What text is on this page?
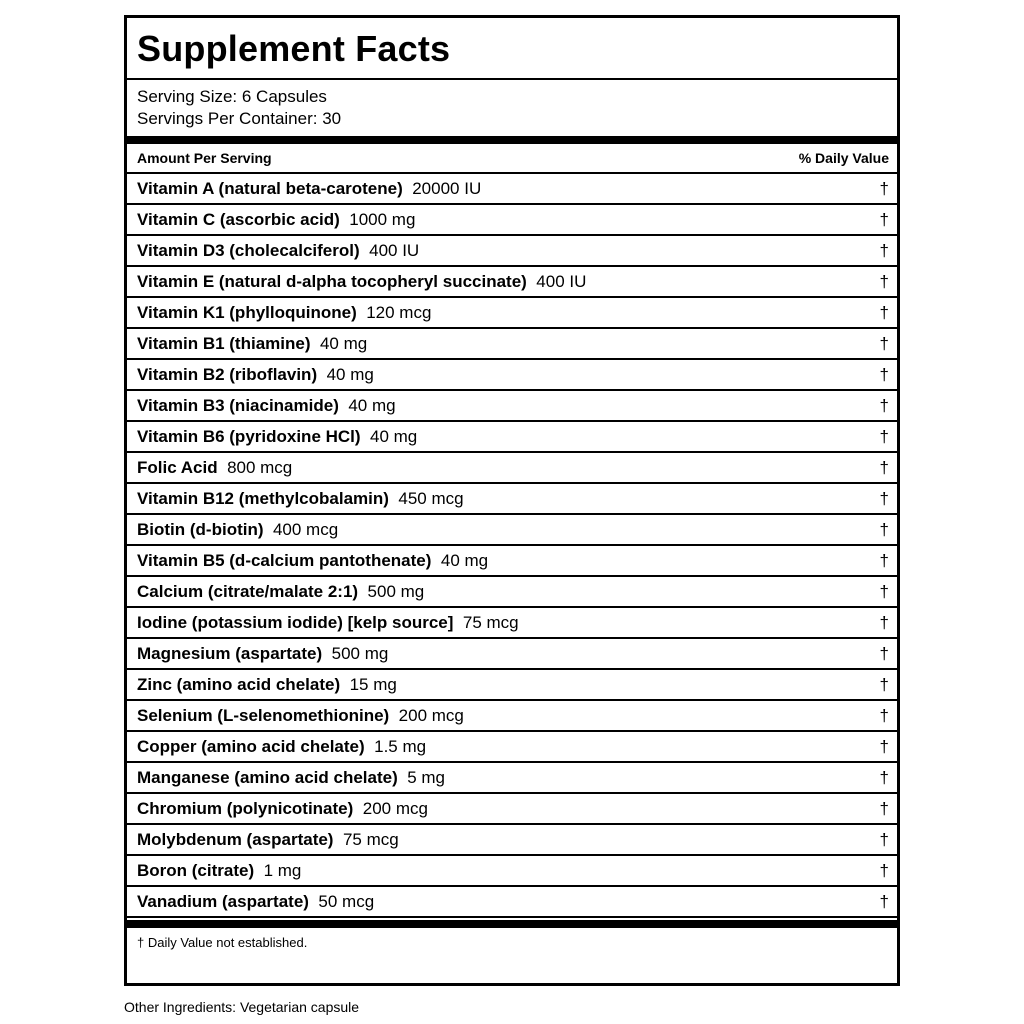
Supplement Facts
Serving Size: 6 Capsules
Servings Per Container: 30
Amount Per Serving	% Daily Value
Vitamin A (natural beta-carotene) 20000 IU	†
Vitamin C (ascorbic acid) 1000 mg	†
Vitamin D3 (cholecalciferol) 400 IU	†
Vitamin E (natural d-alpha tocopheryl succinate) 400 IU	†
Vitamin K1 (phylloquinone) 120 mcg	†
Vitamin B1 (thiamine) 40 mg	†
Vitamin B2 (riboflavin) 40 mg	†
Vitamin B3 (niacinamide) 40 mg	†
Vitamin B6 (pyridoxine HCl) 40 mg	†
Folic Acid 800 mcg	†
Vitamin B12 (methylcobalamin) 450 mcg	†
Biotin (d-biotin) 400 mcg	†
Vitamin B5 (d-calcium pantothenate) 40 mg	†
Calcium (citrate/malate 2:1) 500 mg	†
Iodine (potassium iodide) [kelp source] 75 mcg	†
Magnesium (aspartate) 500 mg	†
Zinc (amino acid chelate) 15 mg	†
Selenium (L-selenomethionine) 200 mcg	†
Copper (amino acid chelate) 1.5 mg	†
Manganese (amino acid chelate) 5 mg	†
Chromium (polynicotinate) 200 mcg	†
Molybdenum (aspartate) 75 mcg	†
Boron (citrate) 1 mg	†
Vanadium (aspartate) 50 mcg	†
† Daily Value not established.
Other Ingredients: Vegetarian capsule
